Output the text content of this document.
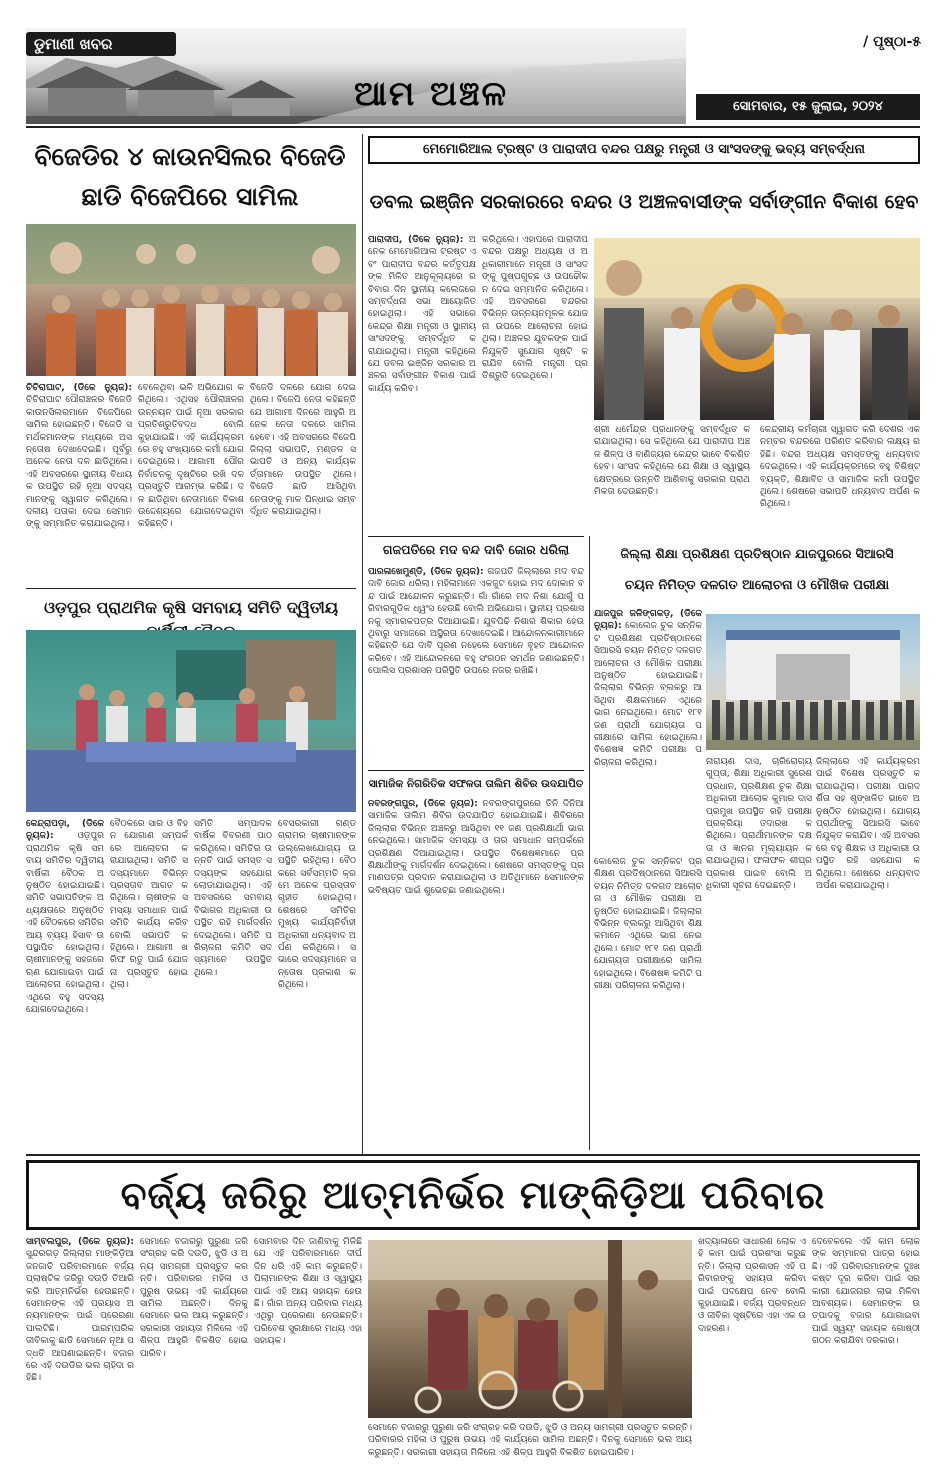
ଡୁମାଣୀ ଖବର
ଆମ ଅଞ୍ଚଳ
/ ପୃଷ୍ଠା-୫
ସୋମବାର, ୧୫ ଜୁଲାଇ, ୨୦୨୪
ବିଜେଡିର ୪ କାଉନସିଲର ବିଜେଡି
ଛାଡି ବିଜେପିରେ ସାମିଲ
ଚିଚିରାଘାଟ, (ଡିକେ ନ୍ୟୁଜ): ଚିଚିରାଘାଟ ପୌରାଞ୍ଚଳର ବିଜେଡି କାଉନସିଲରମାନେ ବିଜେପିରେ ସାମିଲ ହୋଇଛନ୍ତି। ବିଜେଡି ସମର୍ଥକମାନଙ୍କ ମଧ୍ୟରେ ଅସନ୍ତୋଷ ଦେଖାଦେଇଛି। ପୂର୍ବରୁ ଅନେକ ନେତା ଦଳ ଛାଡିଥିଲେ। ଏହି ଅବସରରେ ସ୍ଥାନୀୟ ବିଧାୟକ ଉପସ୍ଥିତ ରହି ନୂଆ ସଦସ୍ୟମାନଙ୍କୁ ସ୍ୱାଗତ କରିଥିଲେ। ଦଳୀୟ ପତାକା ଦେଇ ସେମାନଙ୍କୁ ସମ୍ମାନିତ କରାଯାଇଥିଲା।
ବେଳେଥିବା ଭଳି ଅଭିଯୋଗ କରିଥିଲେ। ଏଥିସହ ପୌରାଞ୍ଚଳର ଉନ୍ନୟନ ପାଇଁ ନୂଆ ସରକାର ପ୍ରତିଶ୍ରୁତିବଦ୍ଧ ବୋଲି କୁହାଯାଇଛି। ଏହି କାର୍ଯ୍ୟକ୍ରମରେ ବହୁ ସଂଖ୍ୟାରେ କର୍ମୀ ଯୋଗଦେଇଥିଲେ। ଆଗାମୀ ପୌର ନିର୍ବାଚନକୁ ଦୃଷ୍ଟିରେ ରଖି ଦଳ ପ୍ରସ୍ତୁତି ଆରମ୍ଭ କରିଛି। ଦଳ ଛାଡିଥିବା ନେତାମାନେ ବିକାଶ ଉଦ୍ଦେଶ୍ୟରେ ଯୋଗଦେଇଥିବା କହିଛନ୍ତି।
ବିଜେଡି ଦଳରେ ଯୋଗ ଦେଇଥିଲେ। ବିଜେପି ନେତା କହିଛନ୍ତି ଯେ ଆଗାମୀ ଦିନରେ ଆହୁରି ଅନେକ ନେତା ଦଳରେ ସାମିଲ ହେବେ। ଏହି ଅବସରରେ ବିଜେପି ଜିଲ୍ଲା ସଭାପତି, ମଣ୍ଡଳ ସଭାପତି ଓ ଅନ୍ୟ କାର୍ଯ୍ୟକର୍ତ୍ତାମାନେ ଉପସ୍ଥିତ ଥିଲେ। ବିଜେଡି ଛାଡି ଆସିଥିବା ନେତାଙ୍କୁ ମାଳ ପିନ୍ଧାଇ ସମ୍ବର୍ଦ୍ଧିତ କରାଯାଇଥିଲା।
ଓଡ଼ପୁର ପ୍ରାଥମିକ କୃଷି ସମବାୟ ସମିତି ଦ୍ୱିତୀୟ
କେନ୍ଦ୍ରାପଡ଼ା, (ଡିକେ ନ୍ୟୁଜ):	ଓଡ଼ପୁର ପ୍ରାଥମିକ କୃଷି ସମବାୟ ସମିତିର ଦ୍ୱିତୀୟ ବାର୍ଷିକୀ ବୈଠକ ଅନୁଷ୍ଠିତ ହୋଇଯାଇଛି। ସମିତି ସଭାପତିଙ୍କ ଅଧ୍ୟକ୍ଷତାରେ ଅନୁଷ୍ଠିତ ଏହି ବୈଠକରେ ସମିତିର ଆୟ ବ୍ୟୟ ହିସାବ ଉପସ୍ଥାପିତ ହୋଇଥିଲା। ଚାଷୀମାନଙ୍କୁ ସହଜରେ ଋଣ ଯୋଗାଇବା ପାଇଁ ଆଲୋଚନା ହୋଇଥିଲା। ଏଥିରେ ବହୁ ସଦସ୍ୟ ଯୋଗଦେଇଥିଲେ।
ବୈଠକରେ ସାର ଓ ବିହନ ଯୋଗାଣ ସମ୍ପର୍କରେ ଆଲୋଚନା କରାଯାଇଥିଲା। ସମିତି ସଦସ୍ୟମାନେ ବିଭିନ୍ନ ପ୍ରସ୍ତାବ ଆଗତ କରିଥିଲେ। ଚାଷୀଙ୍କ ସମସ୍ୟା ସମାଧାନ ପାଇଁ ସମିତି କାର୍ଯ୍ୟ କରିବ ବୋଲି ସଭାପତି କହିଥିଲେ। ଆଗାମୀ ଖରିଫ ଋତୁ ପାଇଁ ଯୋଜନା ପ୍ରସ୍ତୁତ ହୋଇଥିଲା।
ସମିତି ସମ୍ପାଦକ ବାର୍ଷିକ ବିବରଣୀ ପାଠ କରିଥିଲେ। ସମିତିର ଉନ୍ନତି ପାଇଁ ସମସ୍ତ ସଦସ୍ୟଙ୍କ ସହଯୋଗ ଲୋଡାଯାଇଥିଲା। ଏହି ଅବସରରେ ସମବାୟ ବିଭାଗର ଅଧିକାରୀ ଉପସ୍ଥିତ ରହି ମାର୍ଗଦର୍ଶନ ଦେଇଥିଲେ। ସମିତି ପରିଚାଳନା କମିଟି ସଦସ୍ୟମାନେ ଉପସ୍ଥିତ ଥିଲେ।
ବେସରକାରୀ ଗଣ୍ଡଗ୍ରାମର ଚାଷୀମାନଙ୍କ ଉଲ୍ଲେଖଯୋଗ୍ୟ ଉପସ୍ଥିତି ରହିଥିଲା। ବୈଠକରେ ସର୍ବସମ୍ମତି କ୍ରମେ ଅନେକ ପ୍ରସ୍ତାବ ଗୃହୀତ ହୋଇଥିଲା। ଶେଷରେ ସମିତିର ମୁଖ୍ୟ କାର୍ଯ୍ୟନିର୍ବାହୀ ଅଧିକାରୀ ଧନ୍ୟବାଦ ଅର୍ପଣ କରିଥିଲେ। ସଭାରେ ସଦସ୍ୟମାନେ ସନ୍ତୋଷ ପ୍ରକାଶ କରିଥିଲେ।
ମେମୋରିଆଲ ଟ୍ରଷ୍ଟ ଓ ପାରାଦୀପ ବନ୍ଦର ପକ୍ଷରୁ ମନ୍ତ୍ରୀ ଓ ସାଂସଦଙ୍କୁ ଭବ୍ୟ ସମ୍ବର୍ଦ୍ଧନା
ଡବଲ ଇଞ୍ଜିନ ସରକାରରେ ବନ୍ଦର ଓ ଅଞ୍ଚଳବାସୀଙ୍କ ସର୍ବାଙ୍ଗୀନ ବିକାଶ ହେବ
ପାରାଦୀପ, (ଡିକେ ନ୍ୟୁଜ): ଅନେକ ମେମୋରିଆଲ ଟ୍ରଷ୍ଟ ଏବଂ ପାରାଦୀପ ବନ୍ଦର କର୍ତ୍ତୃପକ୍ଷଙ୍କ ମିଳିତ ଆନୁକୂଲ୍ୟରେ ରବିବାର ଦିନ ସ୍ଥାନୀୟ କଲେଜରେ ସମ୍ବର୍ଦ୍ଧନା ସଭା ଆୟୋଜିତ ହୋଇଥିଲା। ଏହି ସଭାରେ କେନ୍ଦ୍ର ଶିକ୍ଷା ମନ୍ତ୍ରୀ ଓ ସ୍ଥାନୀୟ ସାଂସଦଙ୍କୁ ସମ୍ବର୍ଦ୍ଧିତ କରାଯାଇଥିଲା। ମନ୍ତ୍ରୀ କହିଥିଲେ ଯେ ଡବଲ ଇଞ୍ଜିନ ସରକାର ଅଞ୍ଚଳର ସର୍ବାଙ୍ଗୀନ ବିକାଶ ପାଇଁ କାର୍ଯ୍ୟ କରିବ।
କରିଥିଲେ। ଏହାପରେ ପାରାଦୀପ ବନ୍ଦର ପକ୍ଷରୁ ଅଧ୍ୟକ୍ଷ ଓ ଅଧିକାରୀମାନେ ମନ୍ତ୍ରୀ ଓ ସାଂସଦଙ୍କୁ ପୁଷ୍ପଗୁଚ୍ଛ ଓ ଉପଢୌକନ ଦେଇ ସମ୍ମାନିତ କରିଥିଲେ। ଏହି ଅବସରରେ ବନ୍ଦରର ବିଭିନ୍ନ ଉନ୍ନୟନମୂଳକ ଯୋଜନା ଉପରେ ଆଲୋଚନା ହୋଇଥିଲା। ଅଞ୍ଚଳର ଯୁବକଙ୍କ ପାଇଁ ନିଯୁକ୍ତି ସୁଯୋଗ ସୃଷ୍ଟି କରାଯିବ ବୋଲି ମନ୍ତ୍ରୀ ପ୍ରତିଶ୍ରୁତି ଦେଇଥିଲେ।
ଶ୍ରୀ ଧର୍ମେନ୍ଦ୍ର ପ୍ରଧାନଙ୍କୁ ସମ୍ବର୍ଦ୍ଧିତ କରାଯାଇଥିଲା। ସେ କହିଥିଲେ ଯେ ପାରାଦୀପ ଅଞ୍ଚଳ ଶିଳ୍ପ ଓ ବାଣିଜ୍ୟର କେନ୍ଦ୍ର ଭାବେ ବିକଶିତ ହେବ। ସାଂସଦ କହିଥିଲେ ଯେ ଶିକ୍ଷା ଓ ସ୍ୱାସ୍ଥ୍ୟ କ୍ଷେତ୍ରରେ ଉନ୍ନତି ଆଣିବାକୁ ସରକାର ପ୍ରାଥମିକତା ଦେଉଛନ୍ତି।
କେନ୍ଦ୍ରୀୟ କର୍ମଚାରୀ ସ୍ୱାଗତ କରି ଦେଶର ଏକ ନମ୍ବର ବନ୍ଦରରେ ପରିଣତ କରିବାର ଲକ୍ଷ୍ୟ ରହିଛି। ବନ୍ଦର ଅଧ୍ୟକ୍ଷ ସମସ୍ତଙ୍କୁ ଧନ୍ୟବାଦ ଦେଇଥିଲେ। ଏହି କାର୍ଯ୍ୟକ୍ରମରେ ବହୁ ବିଶିଷ୍ଟ ବ୍ୟକ୍ତି, ଶିକ୍ଷାବିତ ଓ ସାମାଜିକ କର୍ମୀ ଉପସ୍ଥିତ ଥିଲେ। ଶେଷରେ ସଭାପତି ଧନ୍ୟବାଦ ଅର୍ପଣ କରିଥିଲେ।
ଗଜପତିରେ ମଦ ବନ୍ଦ ଦାବି ଜୋର ଧରିଲା
ପାରଳାଖେମୁଣ୍ଡି, (ଡିକେ ନ୍ୟୁଜ): ଗଜପତି ଜିଲ୍ଲାରେ ମଦ ବନ୍ଦ ଦାବି ଜୋର ଧରିଲା। ମହିଳାମାନେ ଏକଜୁଟ ହୋଇ ମଦ ଦୋକାନ ବନ୍ଦ ପାଇଁ ଆନ୍ଦୋଳନ କରୁଛନ୍ତି। ଗାଁ ଗାଁରେ ମଦ ନିଶା ଯୋଗୁଁ ପରିବାରଗୁଡିକ ଧ୍ୱଂସ ହେଉଛି ବୋଲି ଅଭିଯୋଗ। ସ୍ଥାନୀୟ ପ୍ରଶାସନକୁ ସ୍ମାରକପତ୍ର ଦିଆଯାଇଛି। ଯୁବପିଢି ନିଶାର ଶିକାର ହେଉଥିବାରୁ ସମାଜରେ ଅସ୍ଥିରତା ଦେଖାଦେଇଛି। ଆନ୍ଦୋଳନକାରୀମାନେ କହିଛନ୍ତି ଯେ ଦାବି ପୂରଣ ନହେଲେ ସେମାନେ ବୃହତ ଆନ୍ଦୋଳନ କରିବେ। ଏହି ଆନ୍ଦୋଳନରେ ବହୁ ସଂଗଠନ ସମର୍ଥନ ଜଣାଇଛନ୍ତି। ପୋଲିସ ପ୍ରଶାସନ ପରିସ୍ଥିତି ଉପରେ ନଜର ରଖିଛି।
ସାମାଜିକ ନିଗରିତିକ ସଫଳତା ତାଲିମ ଶିବିର ଉଦଯାପିତ
ନବରଙ୍ଗପୁର, (ଡିକେ ନ୍ୟୁଜ): ନବରଙ୍ଗପୁରରେ ତିନି ଦିନିଆ ସାମାଜିକ ତାଲିମ ଶିବିର ଉଦଯାପିତ ହୋଇଯାଇଛି। ଶିବିରରେ ଜିଲ୍ଲାର ବିଭିନ୍ନ ଅଞ୍ଚଳରୁ ଆସିଥିବା ୧୧ ଜଣ ପ୍ରଶିକ୍ଷାର୍ଥୀ ଭାଗ ନେଇଥିଲେ। ସାମାଜିକ ସମସ୍ୟା ଓ ତାର ସମାଧାନ ସମ୍ପର୍କରେ ପ୍ରଶିକ୍ଷଣ ଦିଆଯାଇଥିଲା। ଉପସ୍ଥିତ ବିଶେଷଜ୍ଞମାନେ ପ୍ରଶିକ୍ଷାର୍ଥୀଙ୍କୁ ମାର୍ଗଦର୍ଶନ ଦେଇଥିଲେ। ଶେଷରେ ସମସ୍ତଙ୍କୁ ପ୍ରମାଣପତ୍ର ପ୍ରଦାନ କରାଯାଇଥିଲା ଓ ଅତିଥିମାନେ ସେମାନଙ୍କ ଭବିଷ୍ୟତ ପାଇଁ ଶୁଭେଚ୍ଛା ଜଣାଇଥିଲେ।
ଜିଲ୍ଲା ଶିକ୍ଷା ପ୍ରଶିକ୍ଷଣ ପ୍ରତିଷ୍ଠାନ ଯାଜପୁରରେ ସିଆରସି
ଚୟନ ନିମିତ୍ତ ଦଳଗତ ଆଲୋଚନା ଓ ମୌଖିକ ପରୀକ୍ଷା
ଯାଜପୁର ଜଳିଙ୍ଗକଡ଼, (ଡିକେ ନ୍ୟୁଜ): କୋଲେଜ ଚୁକ ସନ୍ନିକଟ ପ୍ରଶିକ୍ଷଣ ପ୍ରତିଷ୍ଠାନରେ ସିଆରସି ଚୟନ ନିମିତ୍ତ ଦଳଗତ ଆଲୋଚନା ଓ ମୌଖିକ ପରୀକ୍ଷା ଅନୁଷ୍ଠିତ ହୋଇଯାଇଛି। ଜିଲ୍ଲାର ବିଭିନ୍ନ ବ୍ଲକରୁ ଆସିଥିବା ଶିକ୍ଷକମାନେ ଏଥିରେ ଭାଗ ନେଇଥିଲେ। ମୋଟ ୧୮୧ ଜଣ ପ୍ରାର୍ଥୀ ଯୋଗ୍ୟତା ପରୀକ୍ଷାରେ ସାମିଲ ହୋଇଥିଲେ। ବିଶେଷଜ୍ଞ କମିଟି ପରୀକ୍ଷା ପରିଚାଳନା କରିଥିଲା।	ନାରାୟଣ ଦାସ, ଚାରିରୋଗ୍ୟ ଗୁପ୍ତା, ଶିକ୍ଷା ଅଧିକାରୀ ସୁରେଶ ପ୍ରଧାନ, ପ୍ରଶିକ୍ଷଣ ଚୁକ ଶିକ୍ଷା ଅଧିକାରୀ ଆଲୋକ କୁମାର ଦାସ ପ୍ରମୁଖ ଉପସ୍ଥିତ ରହି ପରୀକ୍ଷା ପ୍ରକ୍ରିୟା ତଦାରଖ କରିଥିଲେ। ପ୍ରାର୍ଥୀମାନଙ୍କ ଦକ୍ଷତା ଓ ଜ୍ଞାନର ମୂଲ୍ୟାୟନ କରାଯାଇଥିଲା। ଫଳାଫଳ ଶୀଘ୍ର ପ୍ରକାଶ ପାଇବ ବୋଲି ଅଧିକାରୀ ସୂଚନା ଦେଇଛନ୍ତି।
ଜିଲ୍ଲାରେ ଏହି କାର୍ଯ୍ୟକ୍ରମ ପାଇଁ ବିଶେଷ ପ୍ରସ୍ତୁତି କରାଯାଇଥିଲା। ପରୀକ୍ଷା ପାରଦର୍ଶିତା ସହ ଶୃଙ୍ଖଳିତ ଭାବେ ଅନୁଷ୍ଠିତ ହୋଇଥିଲା। ଯୋଗ୍ୟ ପ୍ରାର୍ଥୀଙ୍କୁ ସିଆରସି ଭାବେ ନିଯୁକ୍ତ କରାଯିବ। ଏହି ଅବସରରେ ବହୁ ଶିକ୍ଷକ ଓ ଅଧିକାରୀ ଉପସ୍ଥିତ ରହି ସହଯୋଗ କରିଥିଲେ। ଶେଷରେ ଧନ୍ୟବାଦ ଅର୍ପଣ କରାଯାଇଥିଲା।
କୋଲେଜ ଚୁକ ସନ୍ନିକଟ ପ୍ରଶିକ୍ଷଣ ପ୍ରତିଷ୍ଠାନରେ ସିଆରସି ଚୟନ ନିମିତ୍ତ ଦଳଗତ ଆଲୋଚନା ଓ ମୌଖିକ ପରୀକ୍ଷା ଅନୁଷ୍ଠିତ ହୋଇଯାଇଛି। ଜିଲ୍ଲାର ବିଭିନ୍ନ ବ୍ଲକରୁ ଆସିଥିବା ଶିକ୍ଷକମାନେ ଏଥିରେ ଭାଗ ନେଇଥିଲେ। ମୋଟ ୧୮୧ ଜଣ ପ୍ରାର୍ଥୀ ଯୋଗ୍ୟତା ପରୀକ୍ଷାରେ ସାମିଲ ହୋଇଥିଲେ। ବିଶେଷଜ୍ଞ କମିଟି ପରୀକ୍ଷା ପରିଚାଳନା କରିଥିଲା।
ବର୍ଜ୍ୟ ଜରିରୁ ଆତ୍ମନିର୍ଭର ମାଙ୍କିଡ଼ିଆ ପରିବାର
ସାମ୍ବଲପୁର, (ଡିକେ ନ୍ୟୁଜ): ସୁନ୍ଦରଗଡ଼ ଜିଲ୍ଲାର ମାଙ୍କିଡ଼ିଆ ଜନଜାତି ପରିବାରମାନେ ବର୍ଜ୍ୟ ପ୍ଲାଷ୍ଟିକ ଜରିରୁ ଦଉଡି ତିଆରି କରି ଆତ୍ମନିର୍ଭର ହେଉଛନ୍ତି। ସେମାନଙ୍କ ଏହି ପ୍ରୟାସ ଅନ୍ୟମାନଙ୍କ ପାଇଁ ପ୍ରେରଣା ପାଲଟିଛି। ପାରମ୍ପରିକ ଜୀବିକାକୁ ଛାଡି ସେମାନେ ନୂଆ ପଦ୍ଧତି ଆପଣାଇଛନ୍ତି। ବଜାରରେ ଏହି ଦଉଡିର ଭଲ ଚାହିଦା ରହିଛି।
ସେମାନେ ବଜାରରୁ ପୁରୁଣା ଜରି ସଂଗ୍ରହ କରି ଦଉଡି, ଝୁଡି ଓ ଅନ୍ୟ ସାମଗ୍ରୀ ପ୍ରସ୍ତୁତ କରନ୍ତି। ପରିବାରର ମହିଳା ଓ ପୁରୁଷ ଉଭୟ ଏହି କାର୍ଯ୍ୟରେ ସାମିଲ ଅଛନ୍ତି। ଦିନକୁ ସେମାନେ ଭଲ ଆୟ କରୁଛନ୍ତି। ସରକାରୀ ସହାୟତା ମିଳିଲେ ଏହି ଶିଳ୍ପ ଆହୁରି ବିକଶିତ ହୋଇପାରିବ।
ସୋମବାର ଦିନ ଜାଣିବାକୁ ମିଳିଛି ଯେ ଏହି ପରିବାରମାନେ ଦୀର୍ଘ ଦିନ ଧରି ଏହି କାମ କରୁଛନ୍ତି। ପିଲାମାନଙ୍କ ଶିକ୍ଷା ଓ ସ୍ୱାସ୍ଥ୍ୟ ପାଇଁ ଏହି ଆୟ ସହାୟକ ହେଉଛି। ଗାଁର ଅନ୍ୟ ପରିବାର ମଧ୍ୟ ଏଥିରୁ ପ୍ରେରଣା ନେଉଛନ୍ତି। ପରିବେଶ ସୁରକ୍ଷାରେ ମଧ୍ୟ ଏହା ସହାୟକ।
ସେମାନେ ବଜାରରୁ ପୁରୁଣା ଜରି ସଂଗ୍ରହ କରି ଦଉଡି, ଝୁଡି ଓ ଅନ୍ୟ ସାମଗ୍ରୀ ପ୍ରସ୍ତୁତ କରନ୍ତି। ପରିବାରର ମହିଳା ଓ ପୁରୁଷ ଉଭୟ ଏହି କାର୍ଯ୍ୟରେ ସାମିଲ ଅଛନ୍ତି। ଦିନକୁ ସେମାନେ ଭଲ ଆୟ କରୁଛନ୍ତି। ସରକାରୀ ସହାୟତା ମିଳିଲେ ଏହି ଶିଳ୍ପ ଆହୁରି ବିକଶିତ ହୋଇପାରିବ।
ଖଦ୍ୟାଳାରେ ସାଧାରଣ ଲୋକ ଏହି କାମ ପାଇଁ ପ୍ରଶଂସା କରୁଛନ୍ତି। ଜିଲ୍ଲା ପ୍ରଶାସନ ଏହି ପରିବାରଙ୍କୁ ସହାୟତା କରିବା ପାଇଁ ପଦକ୍ଷେପ ନେବ ବୋଲି କୁହାଯାଇଛି। ବର୍ଜ୍ୟ ପ୍ରବନ୍ଧନ ଓ ଜୀବିକା ସୃଷ୍ଟିରେ ଏହା ଏକ ଉଦାହରଣ।
ଦେବେକଲେ ଏହି କାମ ଲୋକଙ୍କ ସମ୍ମାନର ପାତ୍ର ହୋଇଛି। ଏହି ପରିବାରମାନଙ୍କ ଦୁଃଖ କଷ୍ଟ ଦୂର କରିବା ପାଇଁ ସରକାରୀ ଯୋଜନାର ଲାଭ ମିଳିବା ଆବଶ୍ୟକ। ସେମାନଙ୍କ ଉତ୍ପାଦକୁ ବଜାର ଯୋଗାଇବା ପାଇଁ ସ୍ୱୟଂ ସହାୟକ ଗୋଷ୍ଠୀ ଗଠନ କରାଯିବା ଦରକାର।
